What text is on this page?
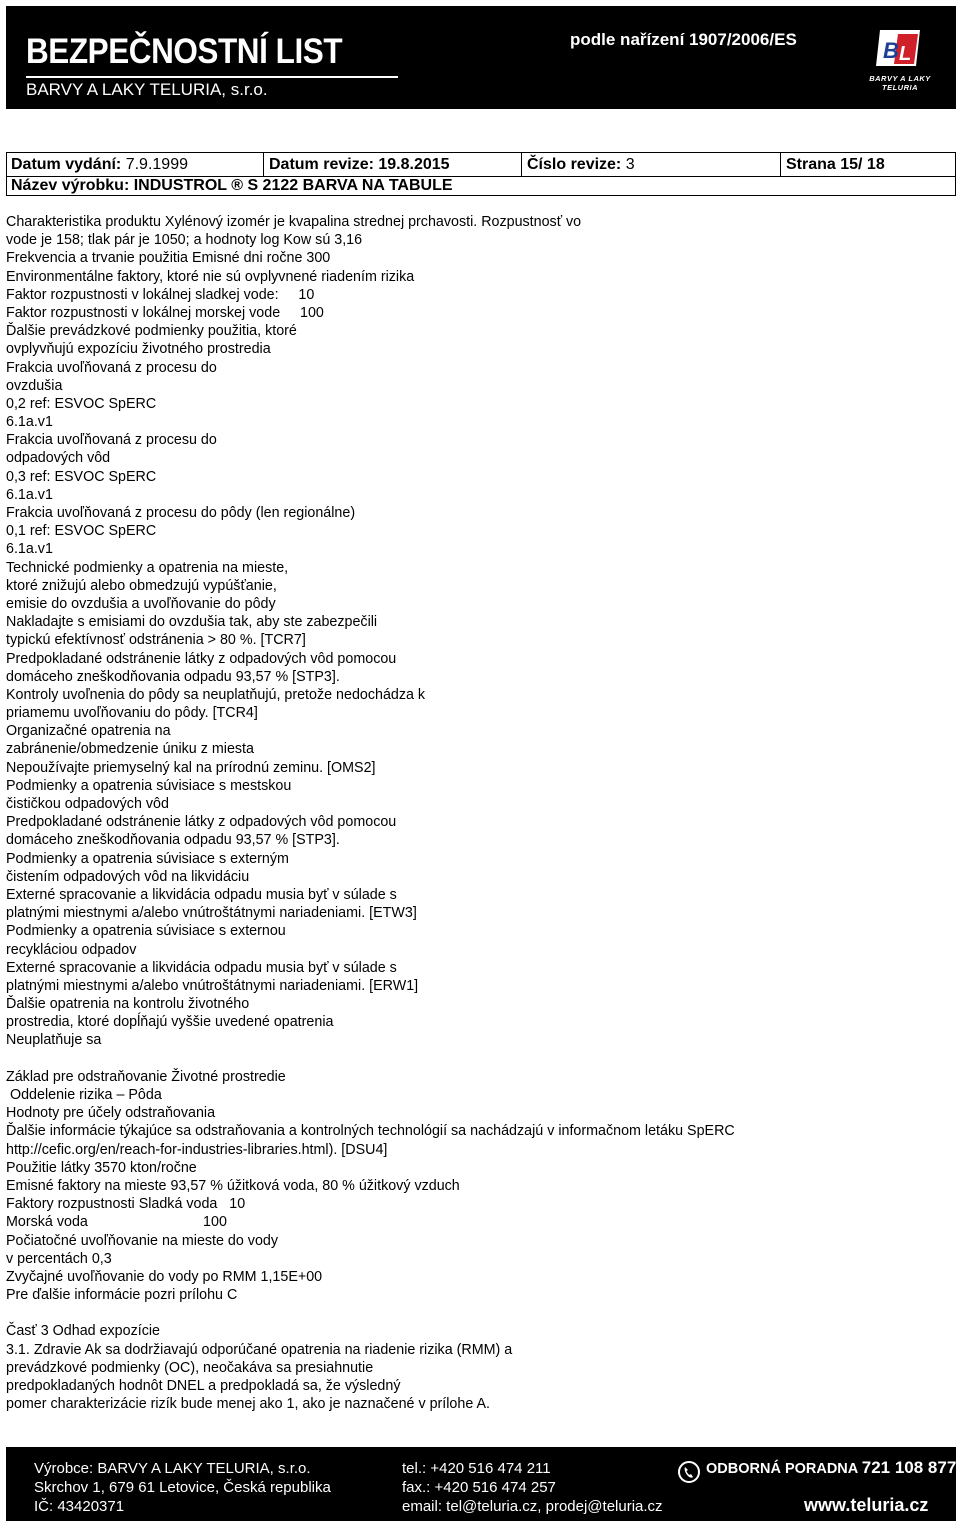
BEZPEČNOSTNÍ LIST
BARVY A LAKY TELURIA, s.r.o.
podle nařízení 1907/2006/ES	B L
BARVY A LAKY
TELURIA
Datum vydání: 7.9.1999	Datum revize: 19.8.2015	Číslo revize: 3	Strana 15/ 18
Název výrobku: INDUSTROL ® S 2122 BARVA NA TABULE
Charakteristika produktu Xylénový izomér je kvapalina strednej prchavosti. Rozpustnosť vo
vode je 158; tlak pár je 1050; a hodnoty log Kow sú 3,16
Frekvencia a trvanie použitia Emisné dni ročne 300
Environmentálne faktory, ktoré nie sú ovplyvnené riadením rizika
Faktor rozpustnosti v lokálnej sladkej vode:     10
Faktor rozpustnosti v lokálnej morskej vode     100
Ďalšie prevádzkové podmienky použitia, ktoré
ovplyvňujú expozíciu životného prostredia
Frakcia uvoľňovaná z procesu do
ovzdušia
0,2 ref: ESVOC SpERC
6.1a.v1
Frakcia uvoľňovaná z procesu do
odpadových vôd
0,3 ref: ESVOC SpERC
6.1a.v1
Frakcia uvoľňovaná z procesu do pôdy (len regionálne)
0,1 ref: ESVOC SpERC
6.1a.v1
Technické podmienky a opatrenia na mieste,
ktoré znižujú alebo obmedzujú vypúšťanie,
emisie do ovzdušia a uvoľňovanie do pôdy
Nakladajte s emisiami do ovzdušia tak, aby ste zabezpečili
typickú efektívnosť odstránenia > 80 %. [TCR7]
Predpokladané odstránenie látky z odpadových vôd pomocou
domáceho zneškodňovania odpadu 93,57 % [STP3].
Kontroly uvoľnenia do pôdy sa neuplatňujú, pretože nedochádza k
priamemu uvoľňovaniu do pôdy. [TCR4]
Organizačné opatrenia na
zabránenie/obmedzenie úniku z miesta
Nepoužívajte priemyselný kal na prírodnú zeminu. [OMS2]
Podmienky a opatrenia súvisiace s mestskou
čističkou odpadových vôd
Predpokladané odstránenie látky z odpadových vôd pomocou
domáceho zneškodňovania odpadu 93,57 % [STP3].
Podmienky a opatrenia súvisiace s externým
čistením odpadových vôd na likvidáciu
Externé spracovanie a likvidácia odpadu musia byť v súlade s
platnými miestnymi a/alebo vnútroštátnymi nariadeniami. [ETW3]
Podmienky a opatrenia súvisiace s externou
recykláciou odpadov
Externé spracovanie a likvidácia odpadu musia byť v súlade s
platnými miestnymi a/alebo vnútroštátnymi nariadeniami. [ERW1]
Ďalšie opatrenia na kontrolu životného
prostredia, ktoré dopĺňajú vyššie uvedené opatrenia
Neuplatňuje sa
Základ pre odstraňovanie Životné prostredie
Oddelenie rizika – Pôda
Hodnoty pre účely odstraňovania
Ďalšie informácie týkajúce sa odstraňovania a kontrolných technológií sa nachádzajú v informačnom letáku SpERC
http://cefic.org/en/reach-for-industries-libraries.html). [DSU4]
Použitie látky 3570 kton/ročne
Emisné faktory na mieste 93,57 % úžitková voda, 80 % úžitkový vzduch
Faktory rozpustnosti Sladká voda   10
Morská voda                             100
Počiatočné uvoľňovanie na mieste do vody
v percentách 0,3
Zvyčajné uvoľňovanie do vody po RMM 1,15E+00
Pre ďalšie informácie pozri prílohu C
Časť 3 Odhad expozície
3.1. Zdravie Ak sa dodržiavajú odporúčané opatrenia na riadenie rizika (RMM) a
prevádzkové podmienky (OC), neočakáva sa presiahnutie
predpokladaných hodnôt DNEL a predpokladá sa, že výsledný
pomer charakterizácie rizík bude menej ako 1, ako je naznačené v prílohe A.
Výrobce: BARVY A LAKY TELURIA, s.r.o.
Skrchov 1, 679 61 Letovice, Česká republika
IČ: 43420371
tel.: +420 516 474 211
fax.: +420 516 474 257
email: tel@teluria.cz, prodej@teluria.cz
ODBORNÁ PORADNA 721 108 877
www.teluria.cz
